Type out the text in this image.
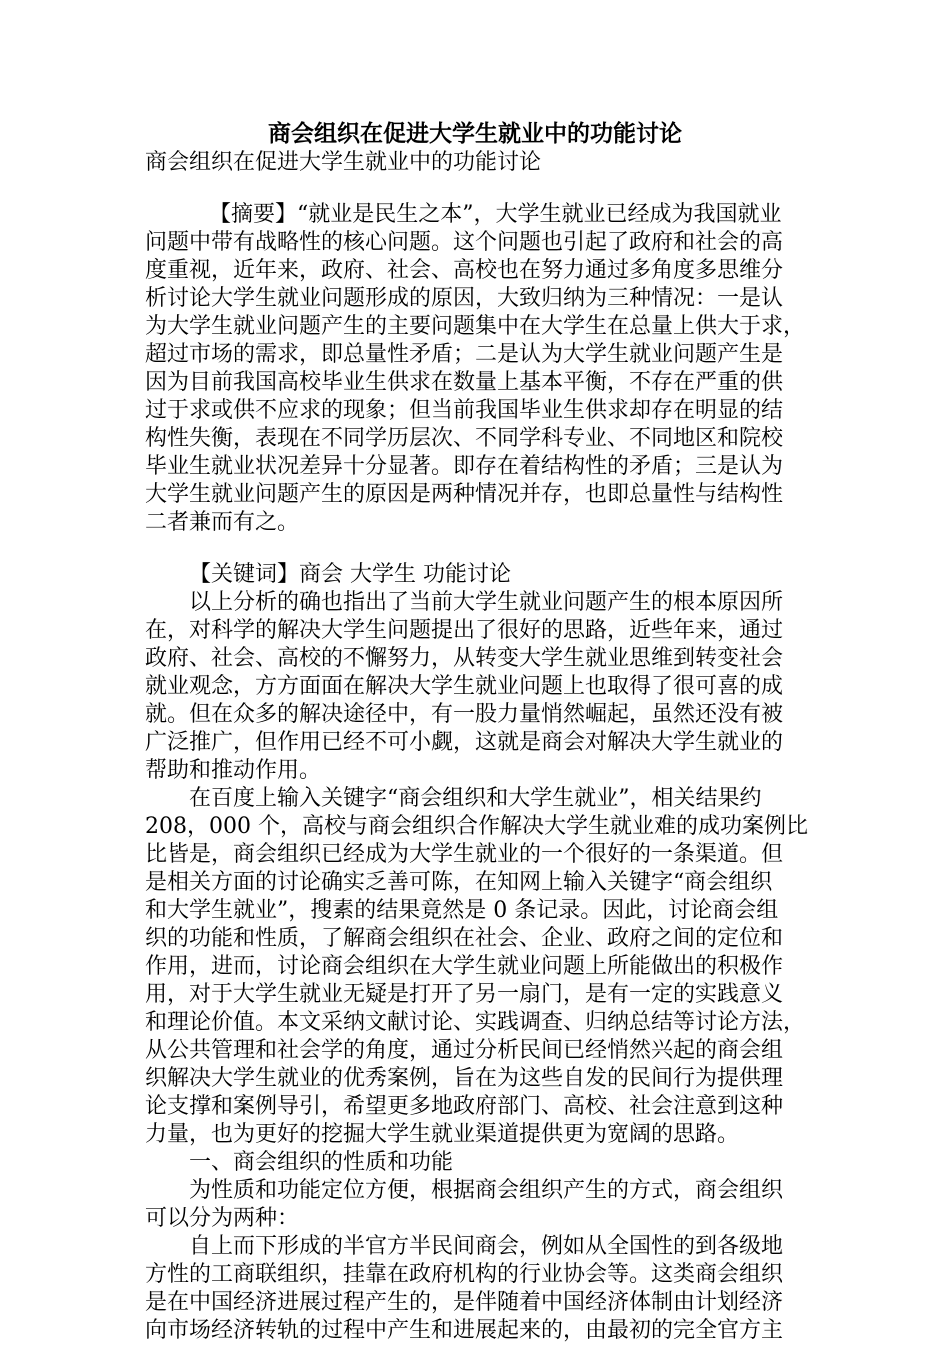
商会组织在促进大学生就业中的功能讨论

商会组织在促进大学生就业中的功能讨论

【摘要】“就业是民生之本”，大学生就业已经成为我国就业

问题中带有战略性的核心问题。这个问题也引起了政府和社会的高

度重视，近年来，政府、社会、高校也在努力通过多角度多思维分

析讨论大学生就业问题形成的原因，大致归纳为三种情况：一是认

为大学生就业问题产生的主要问题集中在大学生在总量上供大于求，

超过市场的需求，即总量性矛盾；二是认为大学生就业问题产生是

因为目前我国高校毕业生供求在数量上基本平衡，不存在严重的供

过于求或供不应求的现象；但当前我国毕业生供求却存在明显的结

构性失衡，表现在不同学历层次、不同学科专业、不同地区和院校

毕业生就业状况差异十分显著。即存在着结构性的矛盾；三是认为

大学生就业问题产生的原因是两种情况并存，也即总量性与结构性

二者兼而有之。

【关键词】商会 大学生 功能讨论

以上分析的确也指出了当前大学生就业问题产生的根本原因所

在，对科学的解决大学生问题提出了很好的思路，近些年来，通过

政府、社会、高校的不懈努力，从转变大学生就业思维到转变社会

就业观念，方方面面在解决大学生就业问题上也取得了很可喜的成

就。但在众多的解决途径中，有一股力量悄然崛起，虽然还没有被

广泛推广，但作用已经不可小觑，这就是商会对解决大学生就业的

帮助和推动作用。

在百度上输入关键字“商会组织和大学生就业”，相关结果约

208，000 个，高校与商会组织合作解决大学生就业难的成功案例比

比皆是，商会组织已经成为大学生就业的一个很好的一条渠道。但

是相关方面的讨论确实乏善可陈，在知网上输入关键字“商会组织

和大学生就业”，搜素的结果竟然是 0 条记录。因此，讨论商会组

织的功能和性质，了解商会组织在社会、企业、政府之间的定位和

作用，进而，讨论商会组织在大学生就业问题上所能做出的积极作

用，对于大学生就业无疑是打开了另一扇门，是有一定的实践意义

和理论价值。本文采纳文献讨论、实践调查、归纳总结等讨论方法，

从公共管理和社会学的角度，通过分析民间已经悄然兴起的商会组

织解决大学生就业的优秀案例，旨在为这些自发的民间行为提供理

论支撑和案例导引，希望更多地政府部门、高校、社会注意到这种

力量，也为更好的挖掘大学生就业渠道提供更为宽阔的思路。

一、商会组织的性质和功能

为性质和功能定位方便，根据商会组织产生的方式，商会组织

可以分为两种：

自上而下形成的半官方半民间商会，例如从全国性的到各级地

方性的工商联组织，挂靠在政府机构的行业协会等。这类商会组织

是在中国经济进展过程产生的，是伴随着中国经济体制由计划经济

向市场经济转轨的过程中产生和进展起来的，由最初的完全官方主
